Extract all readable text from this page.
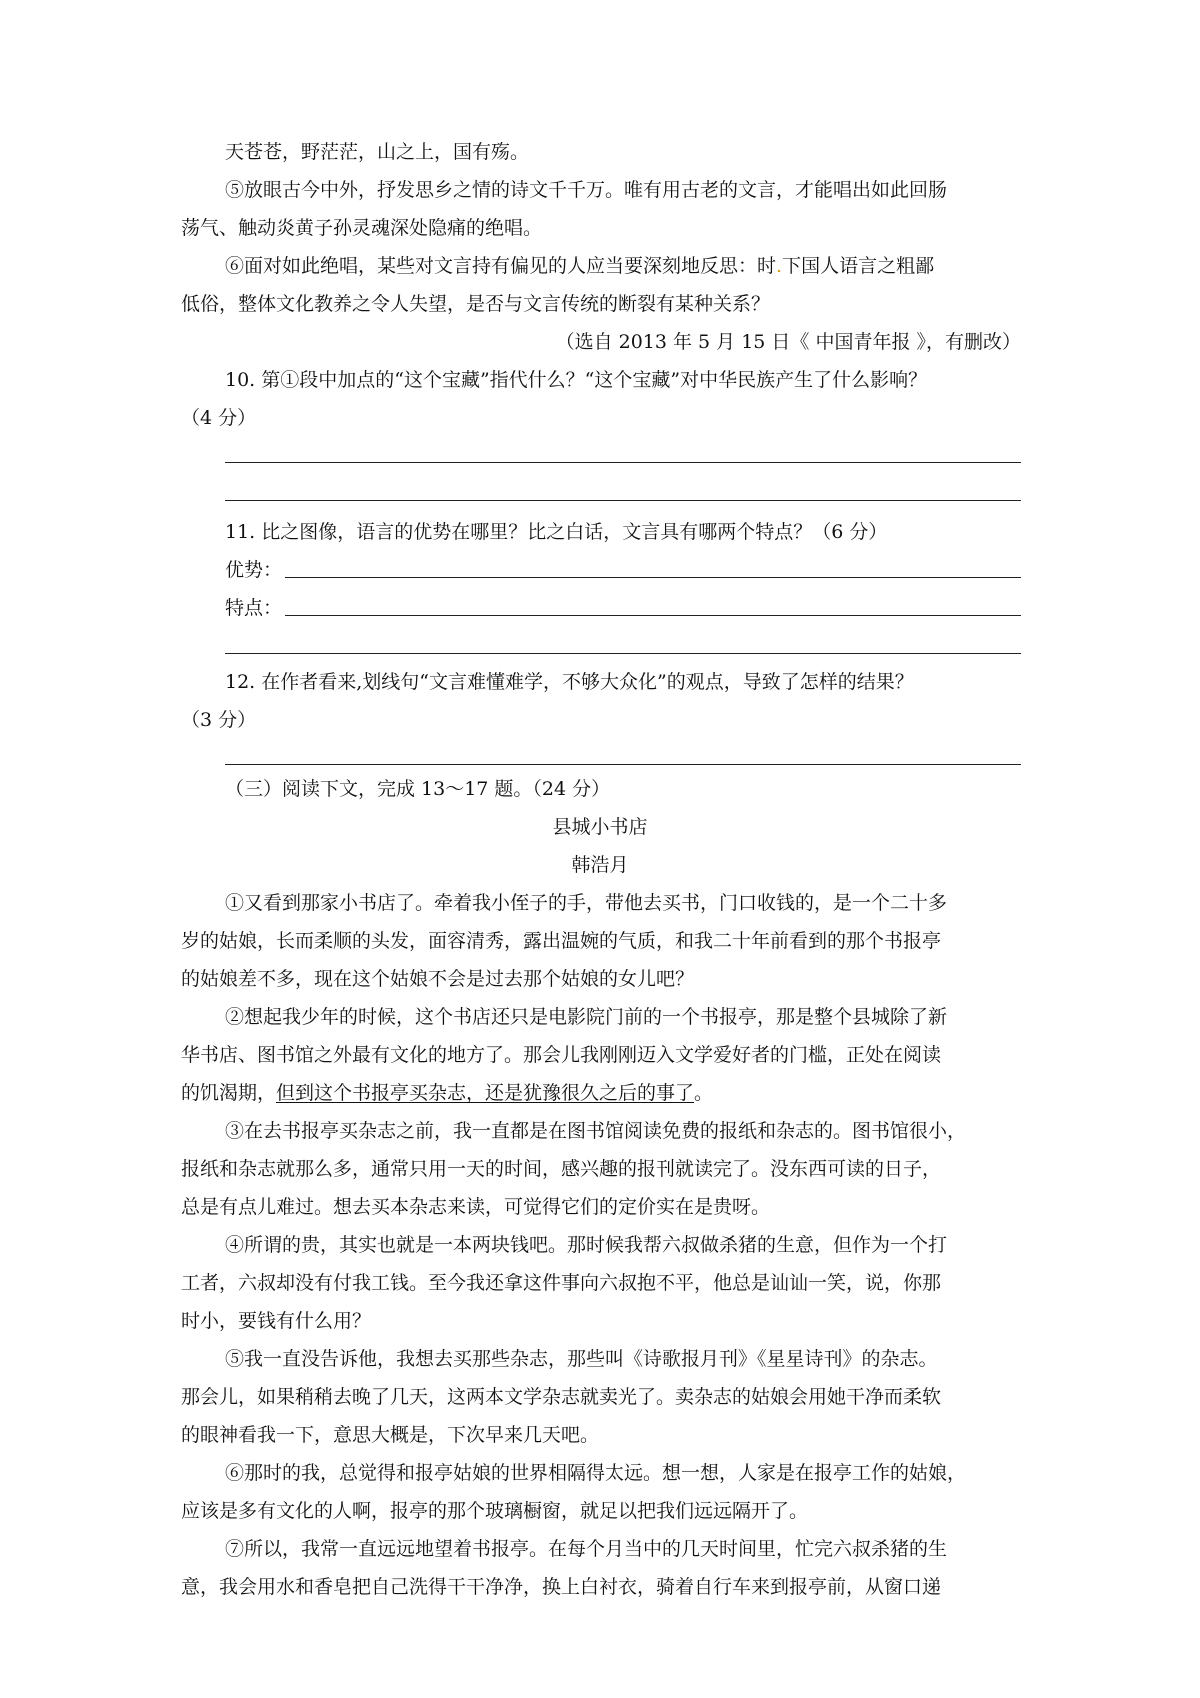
天苍苍，野茫茫，山之上，国有殇。
⑤放眼古今中外，抒发思乡之情的诗文千千万。唯有用古老的文言，才能唱出如此回肠
荡气、触动炎黄子孙灵魂深处隐痛的绝唱。
⑥面对如此绝唱，某些对文言持有偏见的人应当要深刻地反思：时.下国人语言之粗鄙
低俗，整体文化教养之令人失望，是否与文言传统的断裂有某种关系？
（选自 2013 年 5 月 15 日《 中国青年报 》，有删改）
10. 第①段中加点的“这个宝藏”指代什么？“这个宝藏”对中华民族产生了什么影响？
（4 分）
11. 比之图像，语言的优势在哪里？比之白话，文言具有哪两个特点？（6 分）
优势：
特点：
12. 在作者看来,划线句“文言难懂难学，不够大众化”的观点，导致了怎样的结果？
（3 分）
（三）阅读下文，完成 13～17 题。（24 分）
县城小书店
韩浩月
①又看到那家小书店了。牵着我小侄子的手，带他去买书，门口收钱的，是一个二十多
岁的姑娘，长而柔顺的头发，面容清秀，露出温婉的气质，和我二十年前看到的那个书报亭
的姑娘差不多，现在这个姑娘不会是过去那个姑娘的女儿吧？
②想起我少年的时候，这个书店还只是电影院门前的一个书报亭，那是整个县城除了新
华书店、图书馆之外最有文化的地方了。那会儿我刚刚迈入文学爱好者的门槛，正处在阅读
的饥渴期，但到这个书报亭买杂志，还是犹豫很久之后的事了。
③在去书报亭买杂志之前，我一直都是在图书馆阅读免费的报纸和杂志的。图书馆很小，
报纸和杂志就那么多，通常只用一天的时间，感兴趣的报刊就读完了。没东西可读的日子，
总是有点儿难过。想去买本杂志来读，可觉得它们的定价实在是贵呀。
④所谓的贵，其实也就是一本两块钱吧。那时候我帮六叔做杀猪的生意，但作为一个打
工者，六叔却没有付我工钱。至今我还拿这件事向六叔抱不平，他总是讪讪一笑，说，你那
时小，要钱有什么用？
⑤我一直没告诉他，我想去买那些杂志，那些叫《诗歌报月刊》《星星诗刊》的杂志。
那会儿，如果稍稍去晚了几天，这两本文学杂志就卖光了。卖杂志的姑娘会用她干净而柔软
的眼神看我一下，意思大概是，下次早来几天吧。
⑥那时的我，总觉得和报亭姑娘的世界相隔得太远。想一想，人家是在报亭工作的姑娘，
应该是多有文化的人啊，报亭的那个玻璃橱窗，就足以把我们远远隔开了。
⑦所以，我常一直远远地望着书报亭。在每个月当中的几天时间里，忙完六叔杀猪的生
意，我会用水和香皂把自己洗得干干净净，换上白衬衣，骑着自行车来到报亭前，从窗口递
